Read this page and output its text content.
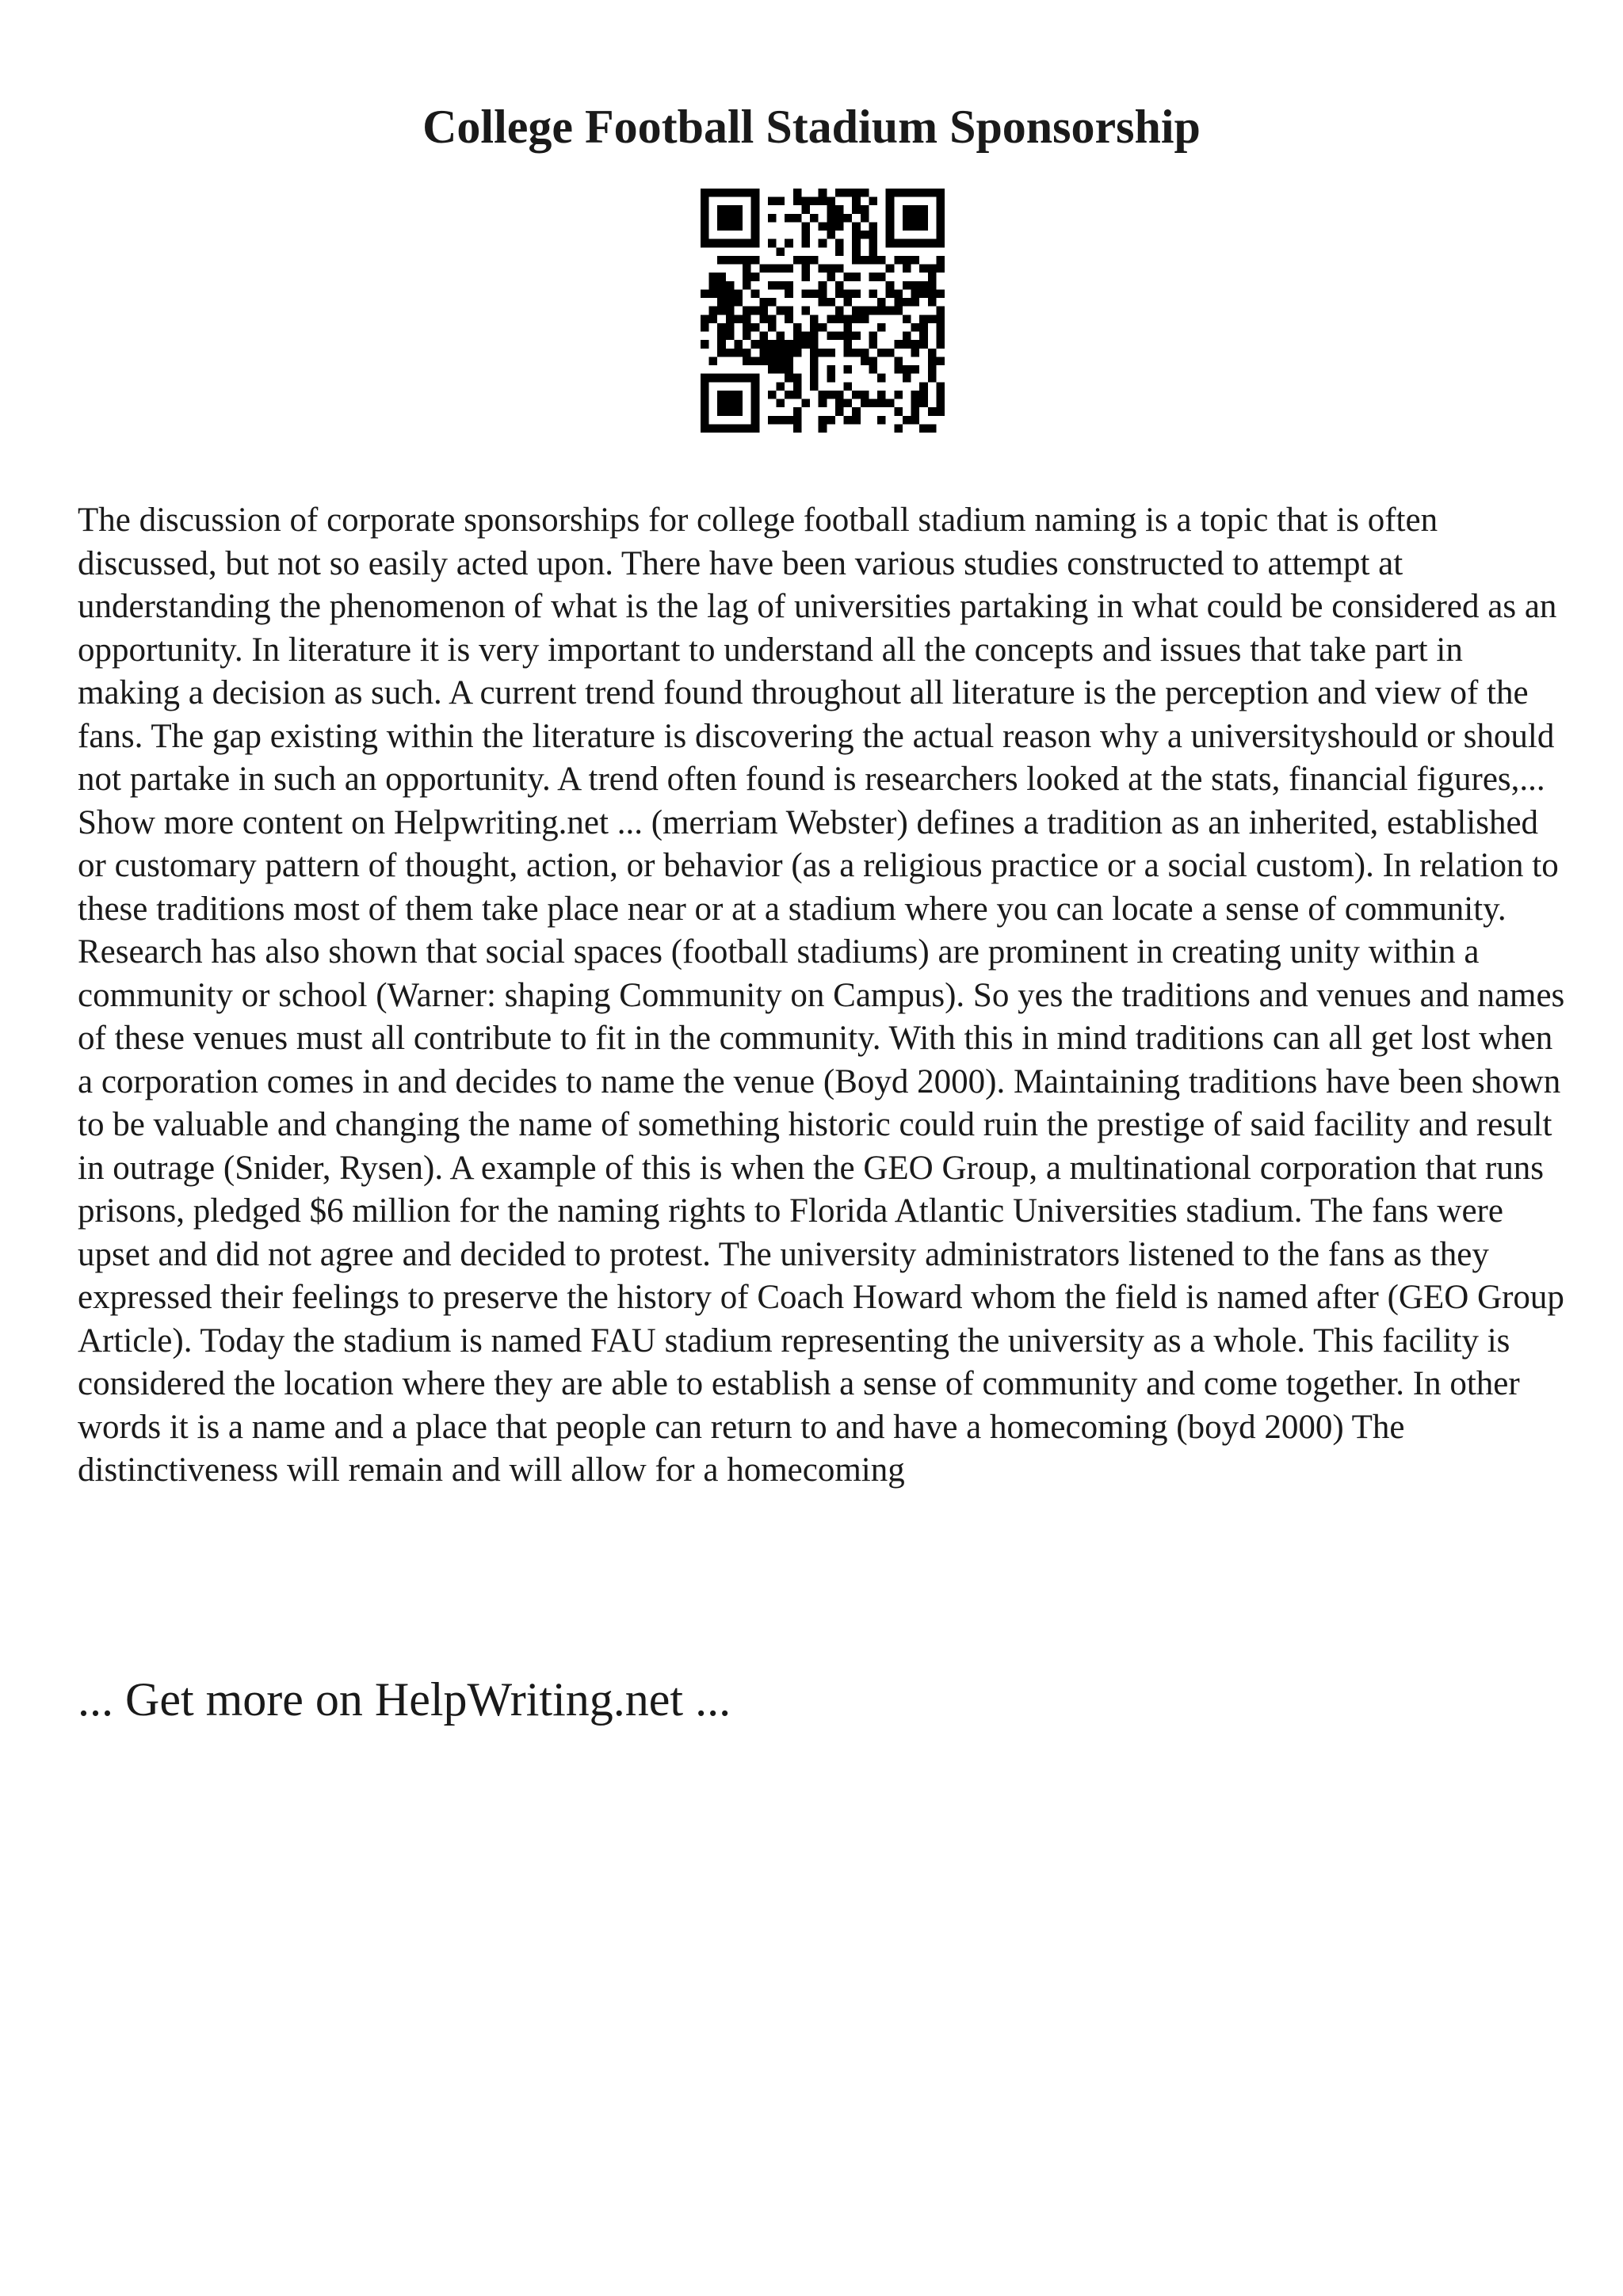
College Football Stadium Sponsorship

The discussion of corporate sponsorships for college football stadium naming is a topic that is often discussed, but not so easily acted upon. There have been various studies constructed to attempt at understanding the phenomenon of what is the lag of universities partaking in what could be considered as an opportunity. In literature it is very important to understand all the concepts and issues that take part in making a decision as such. A current trend found throughout all literature is the perception and view of the fans. The gap existing within the literature is discovering the actual reason why a universityshould or should not partake in such an opportunity. A trend often found is researchers looked at the stats, financial figures,... Show more content on Helpwriting.net ... (merriam Webster) defines a tradition as an inherited, established or customary pattern of thought, action, or behavior (as a religious practice or a social custom). In relation to these traditions most of them take place near or at a stadium where you can locate a sense of community. Research has also shown that social spaces (football stadiums) are prominent in creating unity within a community or school (Warner: shaping Community on Campus). So yes the traditions and venues and names of these venues must all contribute to fit in the community. With this in mind traditions can all get lost when a corporation comes in and decides to name the venue (Boyd 2000). Maintaining traditions have been shown to be valuable and changing the name of something historic could ruin the prestige of said facility and result in outrage (Snider, Rysen). A example of this is when the GEO Group, a multinational corporation that runs prisons, pledged $6 million for the naming rights to Florida Atlantic Universities stadium. The fans were upset and did not agree and decided to protest. The university administrators listened to the fans as they expressed their feelings to preserve the history of Coach Howard whom the field is named after (GEO Group Article). Today the stadium is named FAU stadium representing the university as a whole. This facility is considered the location where they are able to establish a sense of community and come together. In other words it is a name and a place that people can return to and have a homecoming (boyd 2000) The distinctiveness will remain and will allow for a homecoming

... Get more on HelpWriting.net ...
